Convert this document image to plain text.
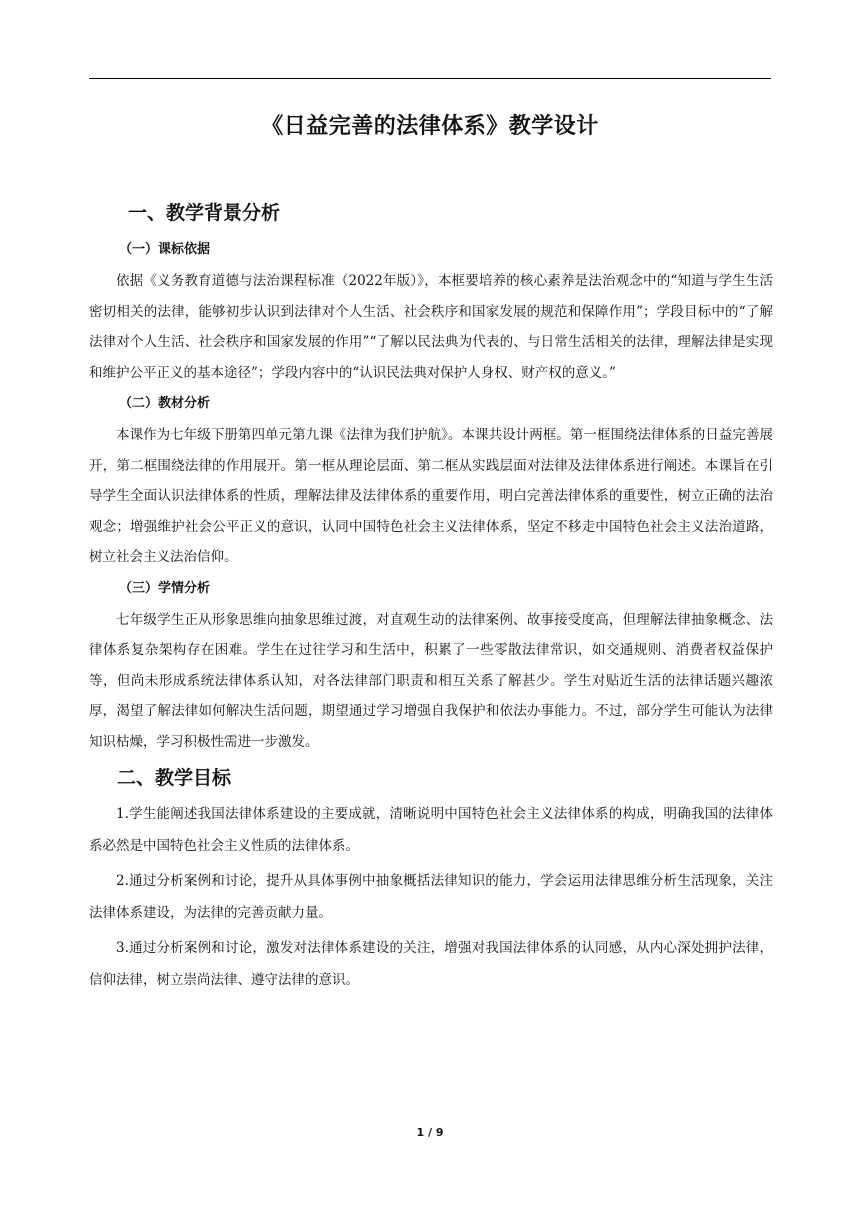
《日益完善的法律体系》教学设计
一、教学背景分析
（一）课标依据

依据《义务教育道德与法治课程标准（2022年版）》，本框要培养的核心素养是法治观念中的“知道与学生生活密切相关的法律，能够初步认识到法律对个人生活、社会秩序和国家发展的规范和保障作用”；学段目标中的“了解法律对个人生活、社会秩序和国家发展的作用”“了解以民法典为代表的、与日常生活相关的法律，理解法律是实现和维护公平正义的基本途径”；学段内容中的“认识民法典对保护人身权、财产权的意义。”

（二）教材分析

本课作为七年级下册第四单元第九课《法律为我们护航》。本课共设计两框。第一框围绕法律体系的日益完善展开，第二框围绕法律的作用展开。第一框从理论层面、第二框从实践层面对法律及法律体系进行阐述。本课旨在引导学生全面认识法律体系的性质，理解法律及法律体系的重要作用，明白完善法律体系的重要性，树立正确的法治观念；增强维护社会公平正义的意识，认同中国特色社会主义法律体系，坚定不移走中国特色社会主义法治道路，树立社会主义法治信仰。

（三）学情分析

七年级学生正从形象思维向抽象思维过渡，对直观生动的法律案例、故事接受度高，但理解法律抽象概念、法律体系复杂架构存在困难。学生在过往学习和生活中，积累了一些零散法律常识，如交通规则、消费者权益保护等，但尚未形成系统法律体系认知，对各法律部门职责和相互关系了解甚少。学生对贴近生活的法律话题兴趣浓厚，渴望了解法律如何解决生活问题，期望通过学习增强自我保护和依法办事能力。不过，部分学生可能认为法律知识枯燥，学习积极性需进一步激发。

二、教学目标

1.学生能阐述我国法律体系建设的主要成就，清晰说明中国特色社会主义法律体系的构成，明确我国的法律体系必然是中国特色社会主义性质的法律体系。

2.通过分析案例和讨论，提升从具体事例中抽象概括法律知识的能力，学会运用法律思维分析生活现象，关注法律体系建设，为法律的完善贡献力量。

3.通过分析案例和讨论，激发对法律体系建设的关注，增强对我国法律体系的认同感，从内心深处拥护法律，信仰法律，树立崇尚法律、遵守法律的意识。

1 / 9
